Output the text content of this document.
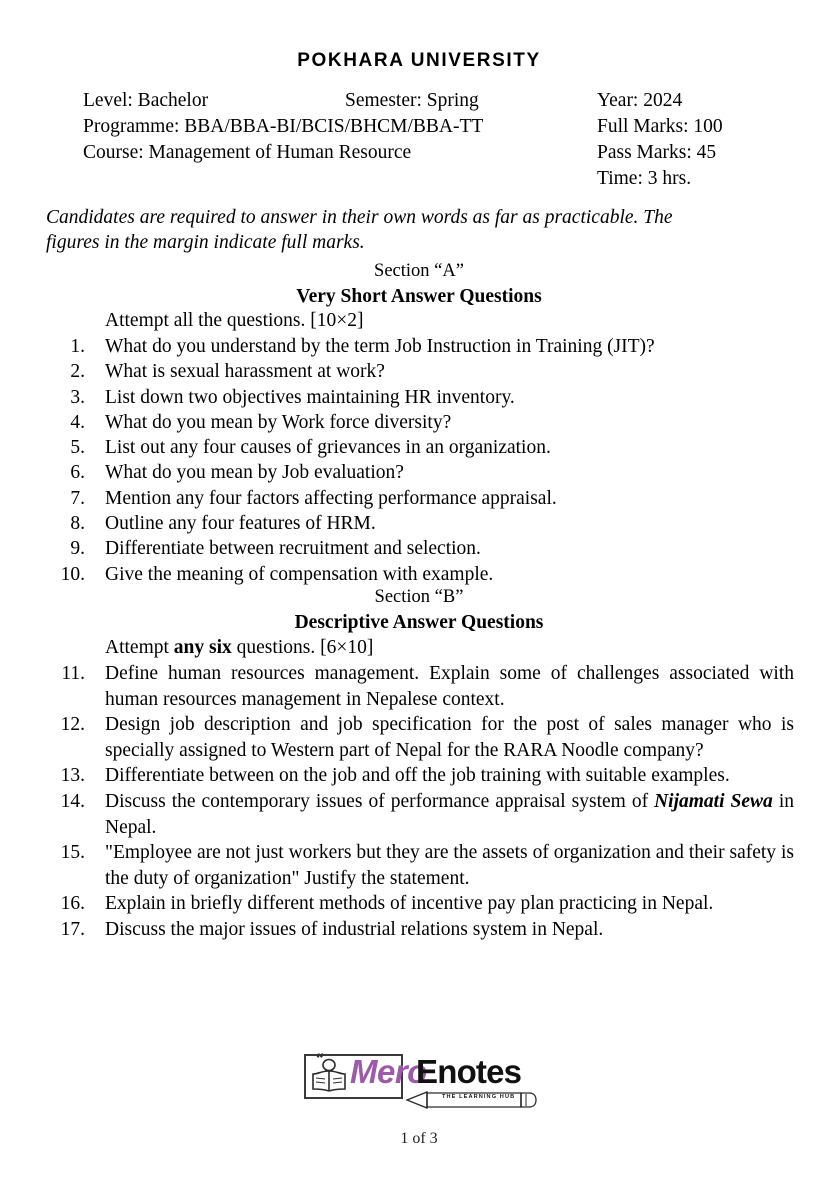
POKHARA UNIVERSITY
Level: Bachelor	Semester: Spring	Year: 2024
Programme: BBA/BBA-BI/BCIS/BHCM/BBA-TT	Full Marks: 100
Course: Management of Human Resource	Pass Marks: 45
Time: 3 hrs.
Candidates are required to answer in their own words as far as practicable. The
figures in the margin indicate full marks.
Section “A”
Very Short Answer Questions
Attempt all the questions. [10×2]
1. What do you understand by the term Job Instruction in Training (JIT)?
2. What is sexual harassment at work?
3. List down two objectives maintaining HR inventory.
4. What do you mean by Work force diversity?
5. List out any four causes of grievances in an organization.
6. What do you mean by Job evaluation?
7. Mention any four factors affecting performance appraisal.
8. Outline any four features of HRM.
9. Differentiate between recruitment and selection.
10. Give the meaning of compensation with example.
Section “B”
Descriptive Answer Questions
Attempt any six questions. [6×10]
11. Define human resources management. Explain some of challenges associated with human resources management in Nepalese context.
12. Design job description and job specification for the post of sales manager who is specially assigned to Western part of Nepal for the RARA Noodle company?
13. Differentiate between on the job and off the job training with suitable examples.
14. Discuss the contemporary issues of performance appraisal system of Nijamati Sewa in Nepal.
15. "Employee are not just workers but they are the assets of organization and their safety is the duty of organization" Justify the statement.
16. Explain in briefly different methods of incentive pay plan practicing in Nepal.
17. Discuss the major issues of industrial relations system in Nepal.
“ Mero
Enotes
THE LEARNING HUB
1 of 3
